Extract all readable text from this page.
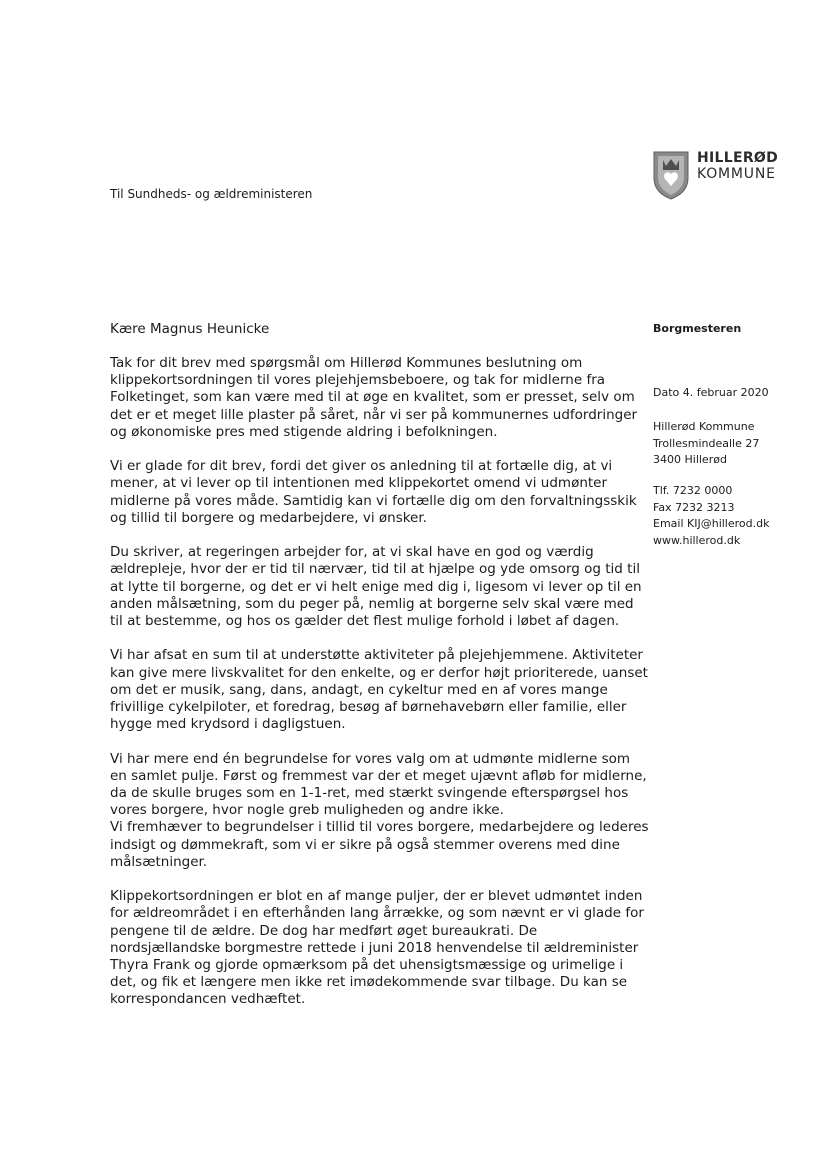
HILLERØD
KOMMUNE
Til Sundheds- og ældreministeren
Kære Magnus Heunicke	Borgmesteren
Dato 4. februar 2020
Hillerød Kommune
Trollesmindealle 27
3400 Hillerød
Tlf. 7232 0000
Fax 7232 3213
Email KIJ@hillerod.dk
www.hillerod.dk

Tak for dit brev med spørgsmål om Hillerød Kommunes beslutning om klippekortsordningen til vores plejehjemsbeboere, og tak for midlerne fra Folketinget, som kan være med til at øge en kvalitet, som er presset, selv om det er et meget lille plaster på såret, når vi ser på kommunernes udfordringer og økonomiske pres med stigende aldring i befolkningen.

Vi er glade for dit brev, fordi det giver os anledning til at fortælle dig, at vi mener, at vi lever op til intentionen med klippekortet omend vi udmønter midlerne på vores måde. Samtidig kan vi fortælle dig om den forvaltningsskik og tillid til borgere og medarbejdere, vi ønsker.

Du skriver, at regeringen arbejder for, at vi skal have en god og værdig ældrepleje, hvor der er tid til nærvær, tid til at hjælpe og yde omsorg og tid til at lytte til borgerne, og det er vi helt enige med dig i, ligesom vi lever op til en anden målsætning, som du peger på, nemlig at borgerne selv skal være med til at bestemme, og hos os gælder det flest mulige forhold i løbet af dagen.

Vi har afsat en sum til at understøtte aktiviteter på plejehjemmene. Aktiviteter kan give mere livskvalitet for den enkelte, og er derfor højt prioriterede, uanset om det er musik, sang, dans, andagt, en cykeltur med en af vores mange frivillige cykelpiloter, et foredrag, besøg af børnehavebørn eller familie, eller hygge med krydsord i dagligstuen.

Vi har mere end én begrundelse for vores valg om at udmønte midlerne som en samlet pulje. Først og fremmest var der et meget ujævnt afløb for midlerne, da de skulle bruges som en 1-1-ret, med stærkt svingende efterspørgsel hos vores borgere, hvor nogle greb muligheden og andre ikke.

Vi fremhæver to begrundelser i tillid til vores borgere, medarbejdere og lederes indsigt og dømmekraft, som vi er sikre på også stemmer overens med dine målsætninger.

Klippekortsordningen er blot en af mange puljer, der er blevet udmøntet inden for ældreområdet i en efterhånden lang årrække, og som nævnt er vi glade for pengene til de ældre. De dog har medført øget bureaukrati. De nordsjællandske borgmestre rettede i juni 2018 henvendelse til ældreminister Thyra Frank og gjorde opmærksom på det uhensigtsmæssige og urimelige i det, og fik et længere men ikke ret imødekommende svar tilbage. Du kan se korrespondancen vedhæftet.
